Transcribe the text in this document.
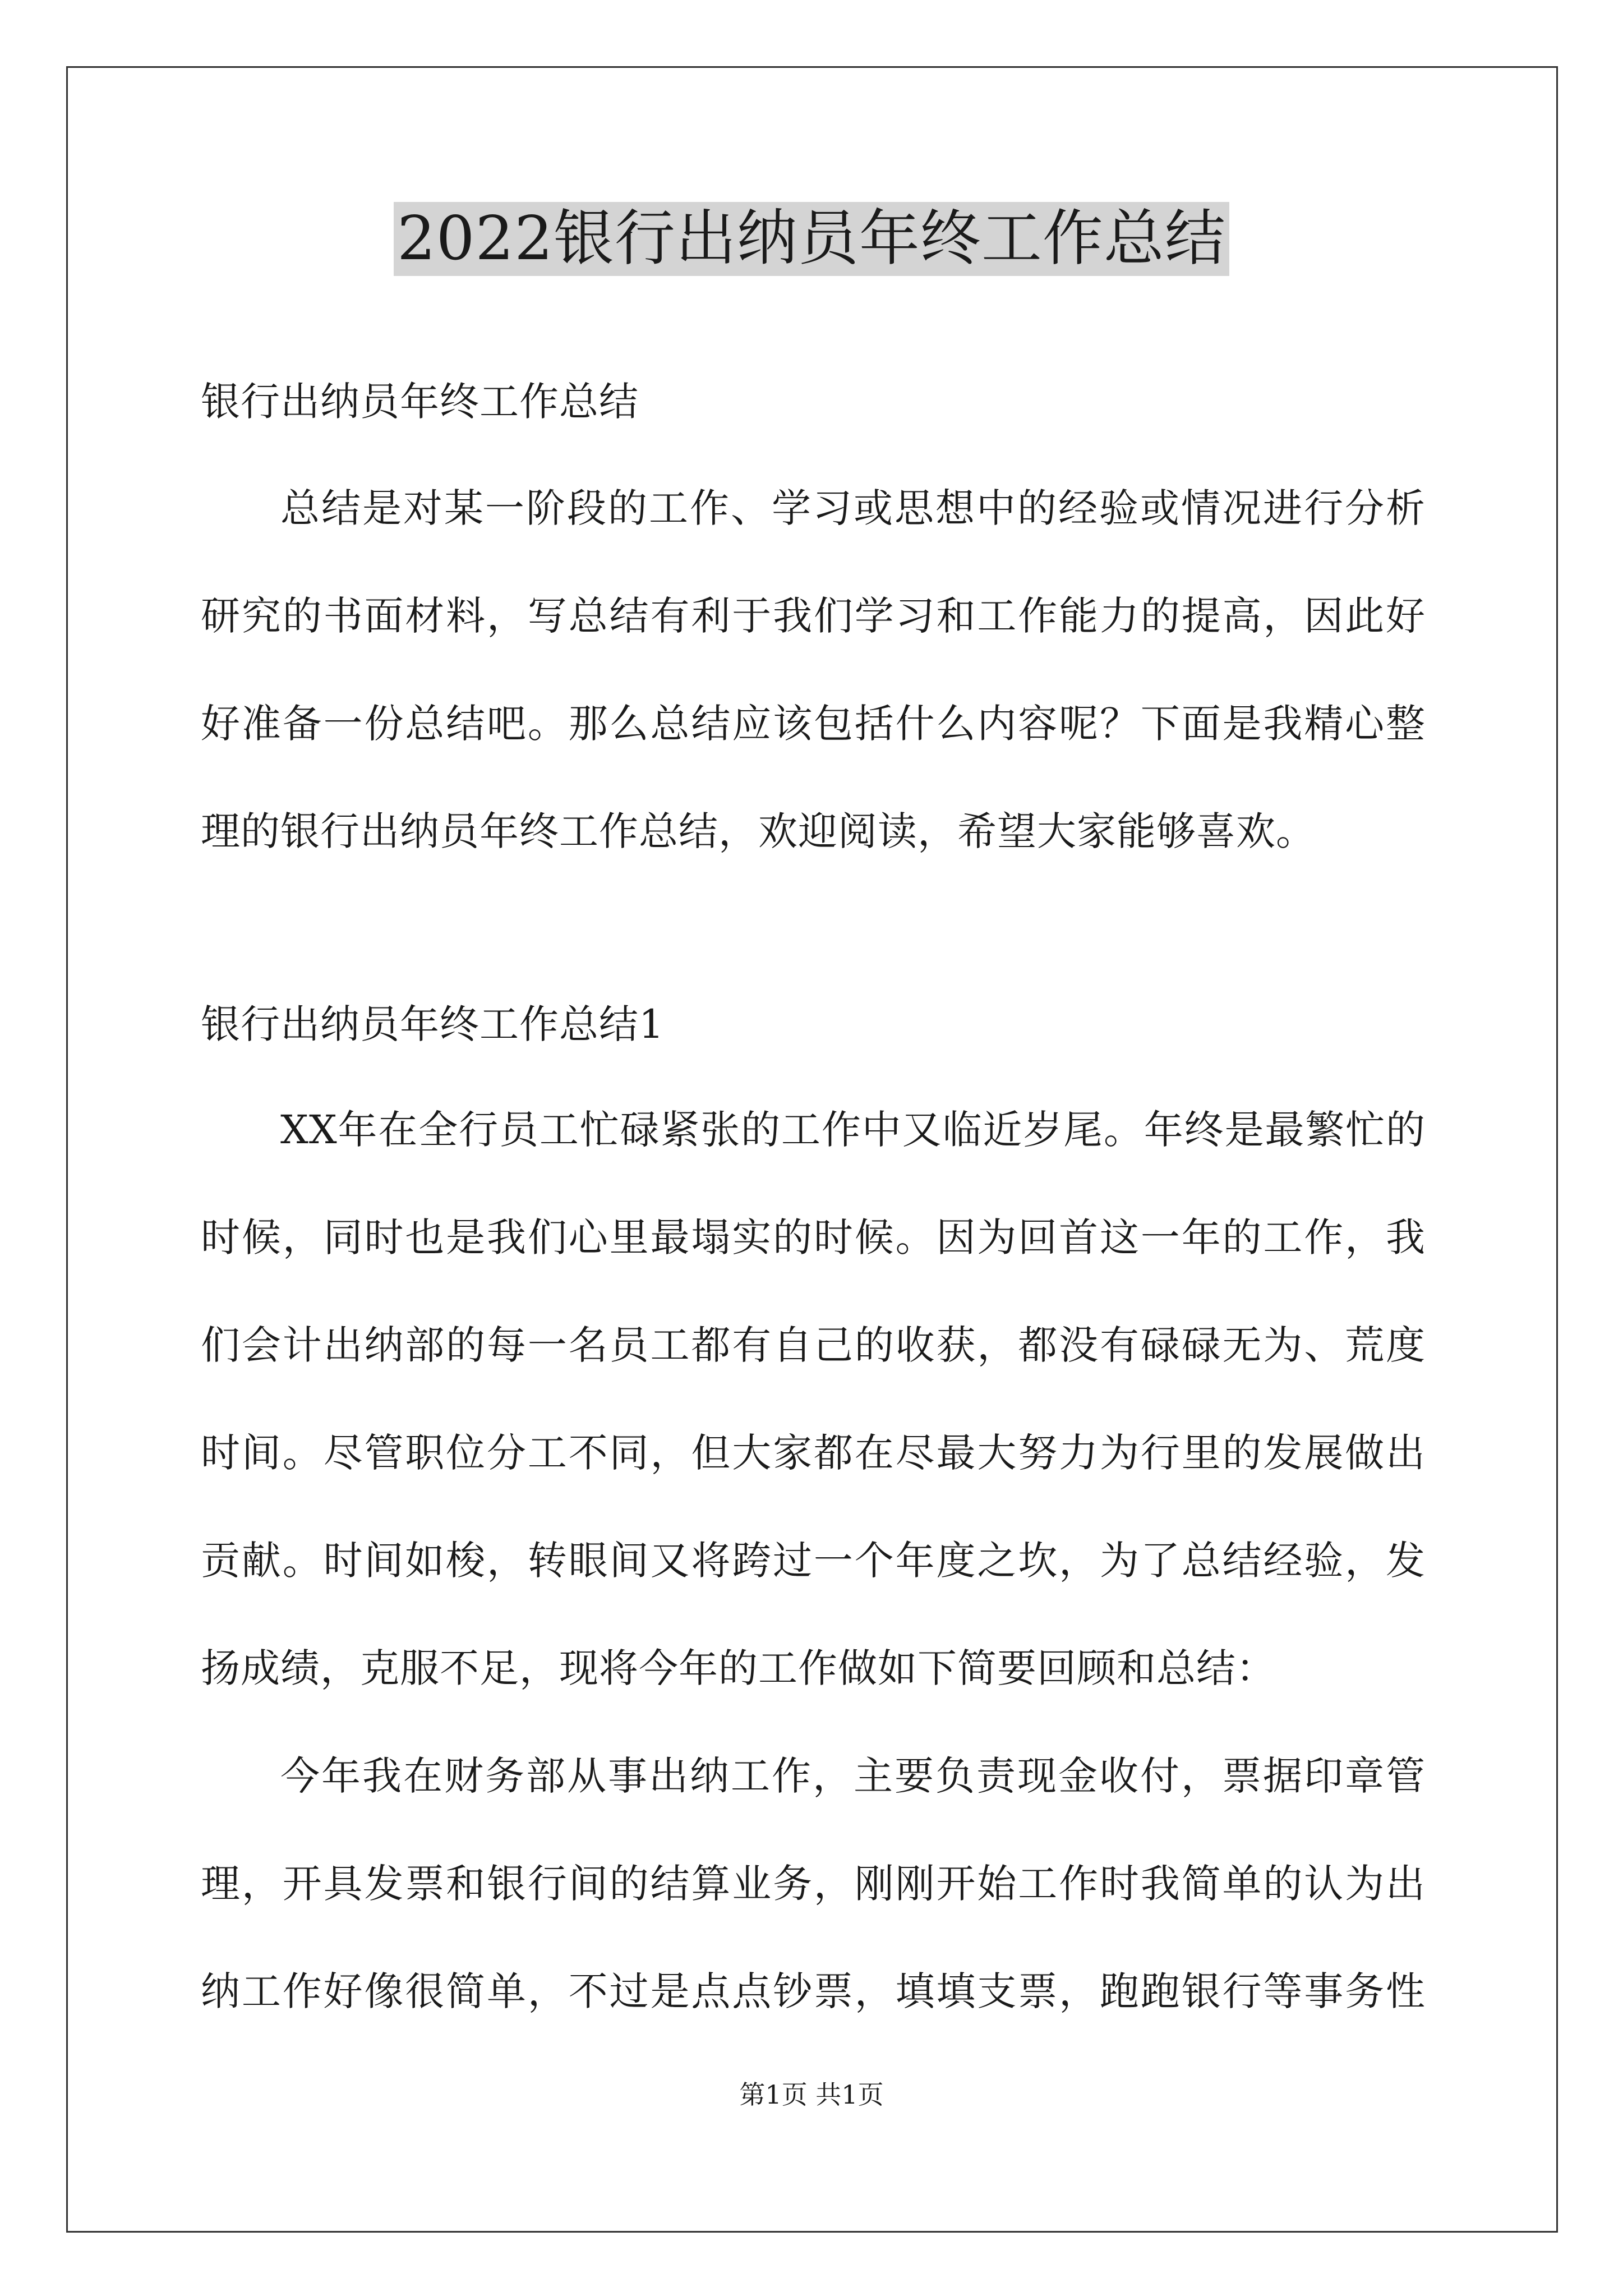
2022银行出纳员年终工作总结
银行出纳员年终工作总结

总结是对某一阶段的工作、学习或思想中的经验或情况进行分析

研究的书面材料，写总结有利于我们学习和工作能力的提高，因此好

好准备一份总结吧。那么总结应该包括什么内容呢？下面是我精心整

理的银行出纳员年终工作总结，欢迎阅读，希望大家能够喜欢。

银行出纳员年终工作总结1

XX年在全行员工忙碌紧张的工作中又临近岁尾。年终是最繁忙的

时候，同时也是我们心里最塌实的时候。因为回首这一年的工作，我

们会计出纳部的每一名员工都有自己的收获，都没有碌碌无为、荒度

时间。尽管职位分工不同，但大家都在尽最大努力为行里的发展做出

贡献。时间如梭，转眼间又将跨过一个年度之坎，为了总结经验，发

扬成绩，克服不足，现将今年的工作做如下简要回顾和总结：

今年我在财务部从事出纳工作，主要负责现金收付，票据印章管

理，开具发票和银行间的结算业务，刚刚开始工作时我简单的认为出

纳工作好像很简单，不过是点点钞票，填填支票，跑跑银行等事务性

第1页 共1页
